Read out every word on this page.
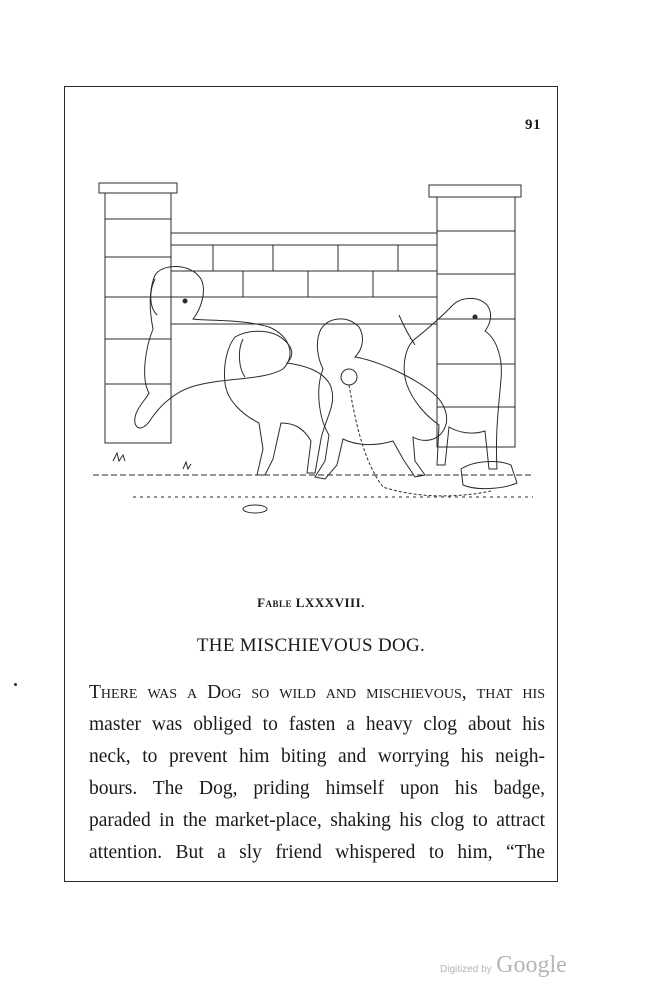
91
Fable LXXXVIII.
THE MISCHIEVOUS DOG.

There was a Dog so wild and mischievous, that his
master was obliged to fasten a heavy clog about his
neck, to prevent him biting and worrying his neigh-
bours. The Dog, priding himself upon his badge,
paraded in the market-place, shaking his clog to attract
attention. But a sly friend whispered to him, “The

Digitized by Google
